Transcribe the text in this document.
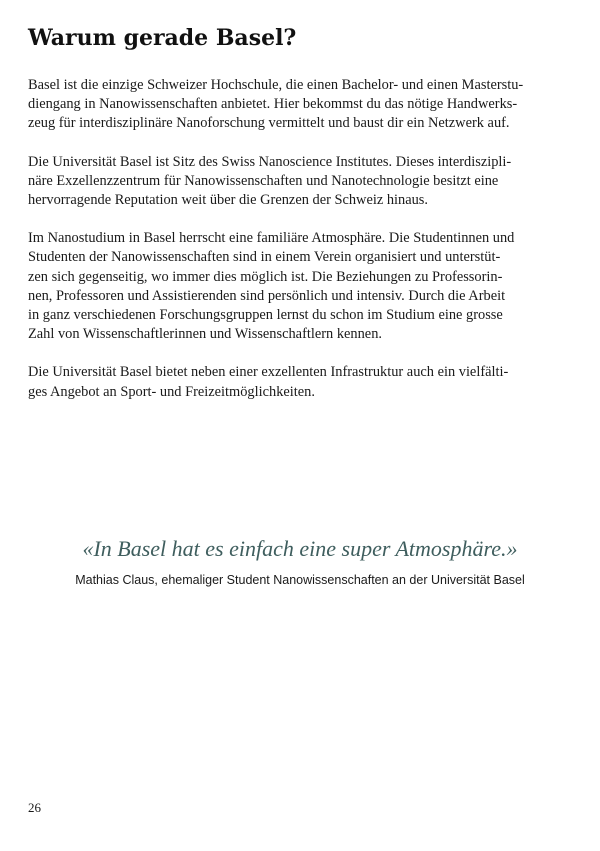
Warum gerade Basel?

Basel ist die einzige Schweizer Hochschule, die einen Bachelor- und einen Masterstu-
diengang in Nanowissenschaften anbietet. Hier bekommst du das nötige Handwerks-
zeug für interdisziplinäre Nanoforschung vermittelt und baust dir ein Netzwerk auf.

Die Universität Basel ist Sitz des Swiss Nanoscience Institutes. Dieses interdiszipli-
näre Exzellenzzentrum für Nanowissenschaften und Nanotechnologie besitzt eine
hervorragende Reputation weit über die Grenzen der Schweiz hinaus.

Im Nanostudium in Basel herrscht eine familiäre Atmosphäre. Die Studentinnen und
Studenten der Nanowissenschaften sind in einem Verein organisiert und unterstüt-
zen sich gegenseitig, wo immer dies möglich ist. Die Beziehungen zu Professorin-
nen, Professoren und Assistierenden sind persönlich und intensiv. Durch die Arbeit
in ganz verschiedenen Forschungsgruppen lernst du schon im Studium eine grosse
Zahl von Wissenschaftlerinnen und Wissenschaftlern kennen.

Die Universität Basel bietet neben einer exzellenten Infrastruktur auch ein vielfälti-
ges Angebot an Sport- und Freizeitmöglichkeiten.

«In Basel hat es einfach eine super Atmosphäre.»

Mathias Claus, ehemaliger Student Nanowissenschaften an der Universität Basel

26
